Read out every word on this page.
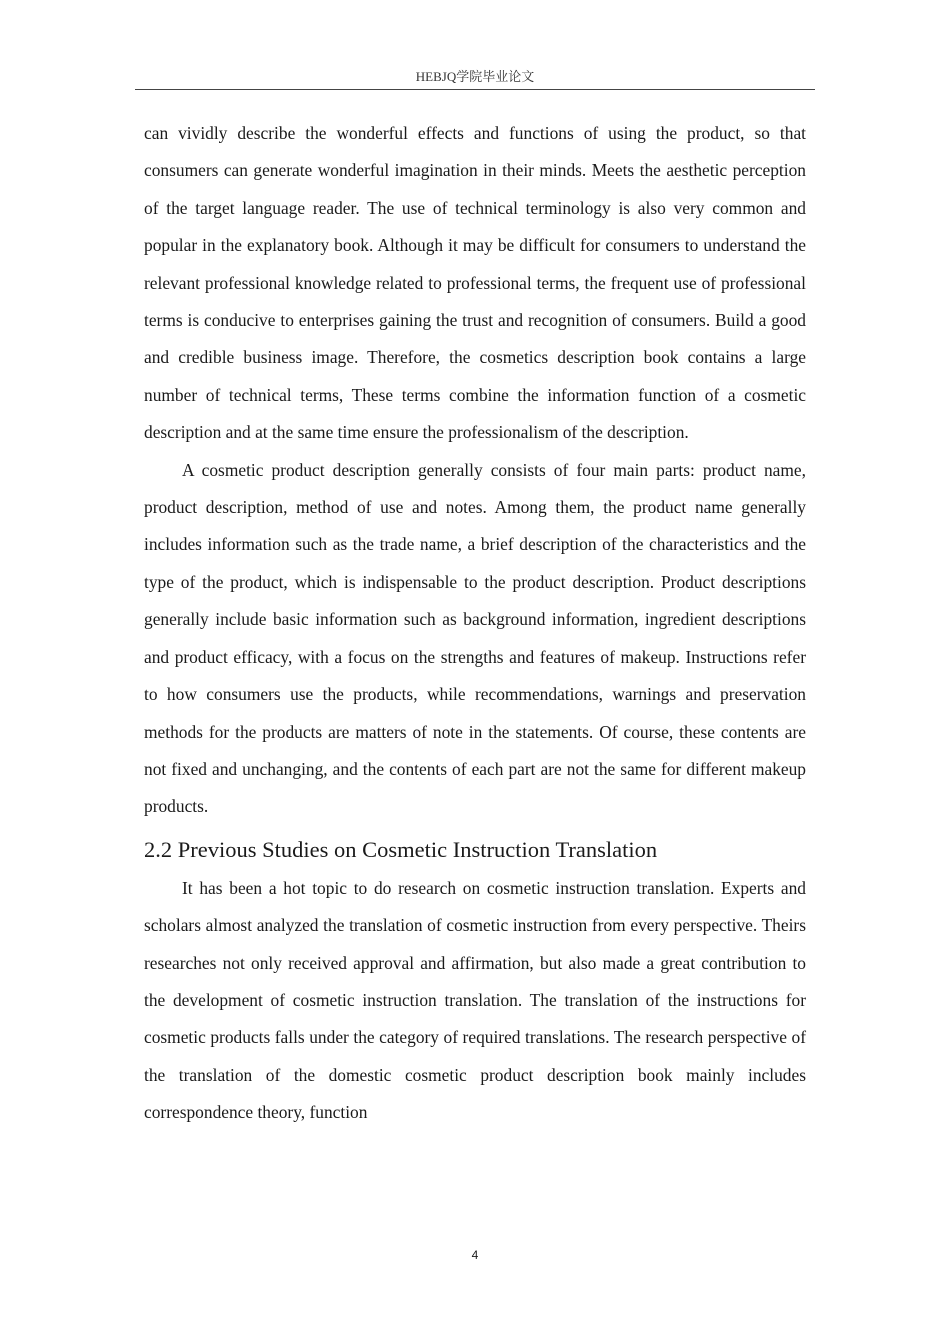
HEBJQ学院毕业论文

can vividly describe the wonderful effects and functions of using the product, so that consumers can generate wonderful imagination in their minds. Meets the aesthetic perception of the target language reader. The use of technical terminology is also very common and popular in the explanatory book. Although it may be difficult for consumers to understand the relevant professional knowledge related to professional terms, the frequent use of professional terms is conducive to enterprises gaining the trust and recognition of consumers. Build a good and credible business image. Therefore, the cosmetics description book contains a large number of technical terms, These terms combine the information function of a cosmetic description and at the same time ensure the professionalism of the description.

A cosmetic product description generally consists of four main parts: product name, product description, method of use and notes. Among them, the product name generally includes information such as the trade name, a brief description of the characteristics and the type of the product, which is indispensable to the product description. Product descriptions generally include basic information such as background information, ingredient descriptions and product efficacy, with a focus on the strengths and features of makeup. Instructions refer to how consumers use the products, while recommendations, warnings and preservation methods for the products are matters of note in the statements. Of course, these contents are not fixed and unchanging, and the contents of each part are not the same for different makeup products.

2.2 Previous Studies on Cosmetic Instruction Translation

It has been a hot topic to do research on cosmetic instruction translation. Experts and scholars almost analyzed the translation of cosmetic instruction from every perspective. Theirs researches not only received approval and affirmation, but also made a great contribution to the development of cosmetic instruction translation. The translation of the instructions for cosmetic products falls under the category of required translations. The research perspective of the translation of the domestic cosmetic product description book mainly includes correspondence theory, function

4
